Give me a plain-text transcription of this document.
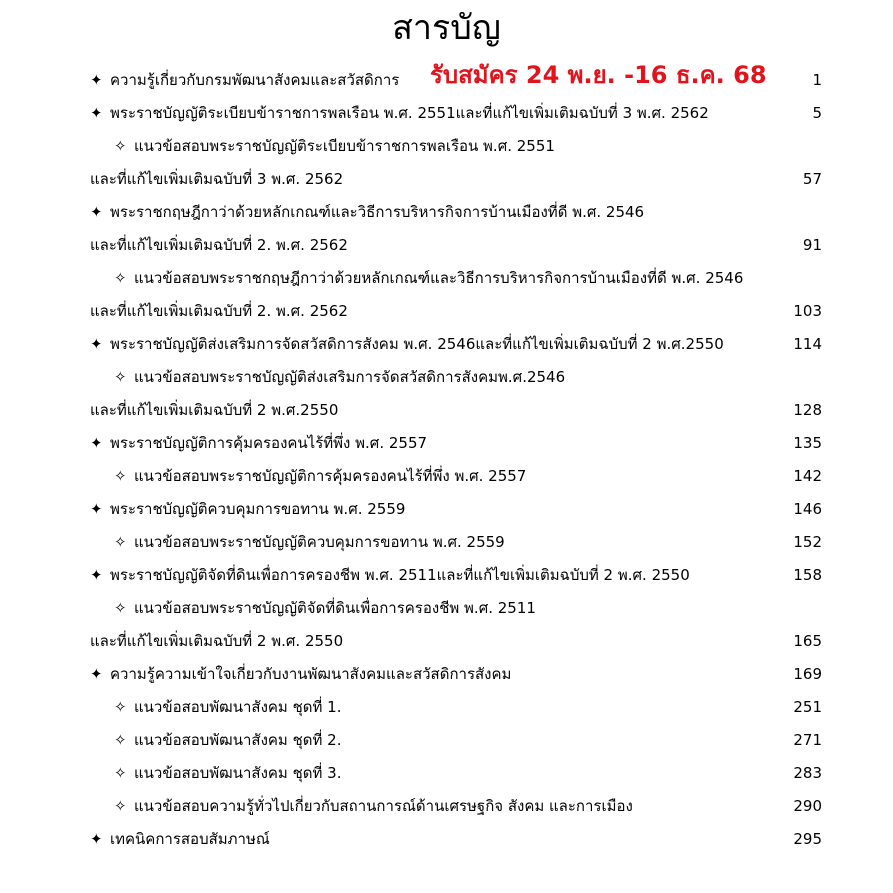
สารบัญ
รับสมัคร 24 พ.ย. -16 ธ.ค. 68
✦ ความรู้เกี่ยวกับกรมพัฒนาสังคมและสวัสดิการ	1
✦ พระราชบัญญัติระเบียบข้าราชการพลเรือน พ.ศ. 2551และที่แก้ไขเพิ่มเติมฉบับที่ 3 พ.ศ. 2562	5
✧ แนวข้อสอบพระราชบัญญัติระเบียบข้าราชการพลเรือน พ.ศ. 2551
และที่แก้ไขเพิ่มเติมฉบับที่ 3 พ.ศ. 2562	57
✦ พระราชกฤษฎีกาว่าด้วยหลักเกณฑ์และวิธีการบริหารกิจการบ้านเมืองที่ดี พ.ศ. 2546
และที่แก้ไขเพิ่มเติมฉบับที่ 2. พ.ศ. 2562	91
✧ แนวข้อสอบพระราชกฤษฎีกาว่าด้วยหลักเกณฑ์และวิธีการบริหารกิจการบ้านเมืองที่ดี พ.ศ. 2546
และที่แก้ไขเพิ่มเติมฉบับที่ 2. พ.ศ. 2562	103
✦ พระราชบัญญัติส่งเสริมการจัดสวัสดิการสังคม พ.ศ. 2546และที่แก้ไขเพิ่มเติมฉบับที่ 2 พ.ศ.2550	114
✧ แนวข้อสอบพระราชบัญญัติส่งเสริมการจัดสวัสดิการสังคมพ.ศ.2546
และที่แก้ไขเพิ่มเติมฉบับที่ 2 พ.ศ.2550	128
✦ พระราชบัญญัติการคุ้มครองคนไร้ที่พึ่ง พ.ศ. 2557	135
✧ แนวข้อสอบพระราชบัญญัติการคุ้มครองคนไร้ที่พึ่ง พ.ศ. 2557	142
✦ พระราชบัญญัติควบคุมการขอทาน พ.ศ. 2559	146
✧ แนวข้อสอบพระราชบัญญัติควบคุมการขอทาน พ.ศ. 2559	152
✦ พระราชบัญญัติจัดที่ดินเพื่อการครองชีพ พ.ศ. 2511และที่แก้ไขเพิ่มเติมฉบับที่ 2 พ.ศ. 2550	158
✧ แนวข้อสอบพระราชบัญญัติจัดที่ดินเพื่อการครองชีพ พ.ศ. 2511
และที่แก้ไขเพิ่มเติมฉบับที่ 2 พ.ศ. 2550	165
✦ ความรู้ความเข้าใจเกี่ยวกับงานพัฒนาสังคมและสวัสดิการสังคม	169
✧ แนวข้อสอบพัฒนาสังคม ชุดที่ 1.	251
✧ แนวข้อสอบพัฒนาสังคม ชุดที่ 2.	271
✧ แนวข้อสอบพัฒนาสังคม ชุดที่ 3.	283
✧ แนวข้อสอบความรู้ทั่วไปเกี่ยวกับสถานการณ์ด้านเศรษฐกิจ สังคม และการเมือง	290
✦ เทคนิคการสอบสัมภาษณ์	295
